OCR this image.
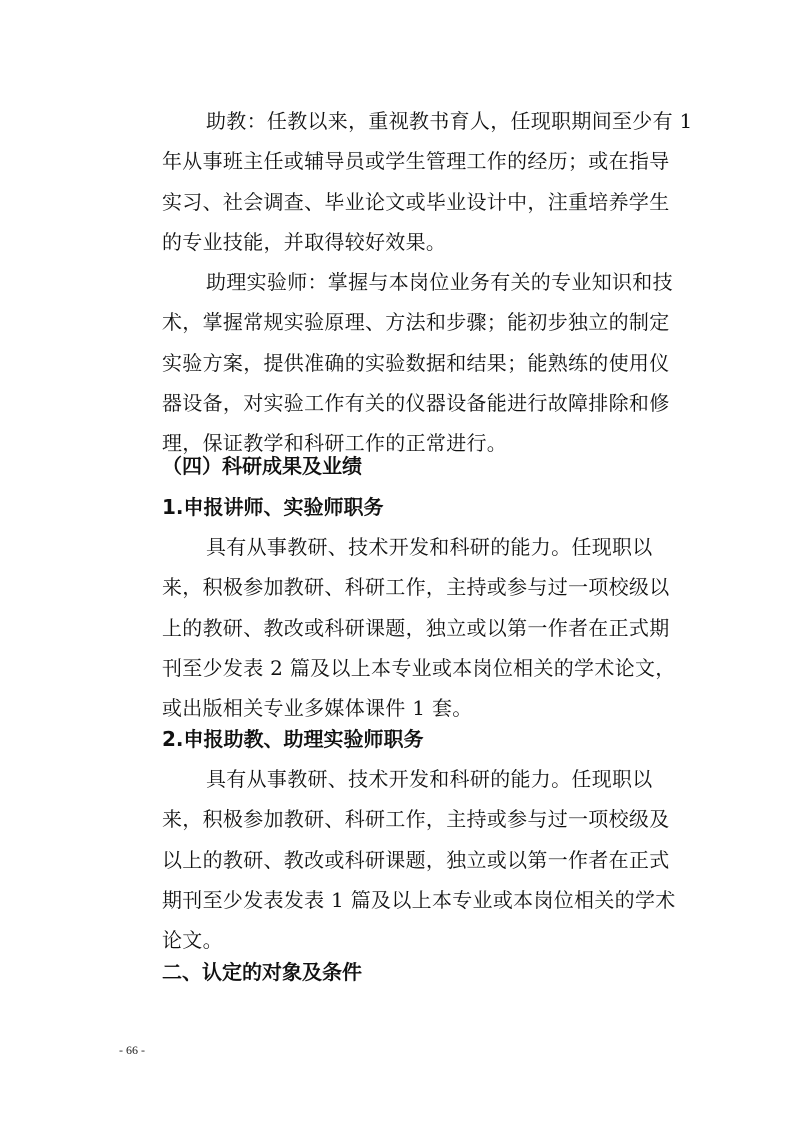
助教：任教以来，重视教书育人，任现职期间至少有 1
年从事班主任或辅导员或学生管理工作的经历；或在指导
实习、社会调查、毕业论文或毕业设计中，注重培养学生
的专业技能，并取得较好效果。
助理实验师：掌握与本岗位业务有关的专业知识和技
术，掌握常规实验原理、方法和步骤；能初步独立的制定
实验方案，提供准确的实验数据和结果；能熟练的使用仪
器设备，对实验工作有关的仪器设备能进行故障排除和修
理，保证教学和科研工作的正常进行。
（四）科研成果及业绩
1.申报讲师、实验师职务
具有从事教研、技术开发和科研的能力。任现职以
来，积极参加教研、科研工作，主持或参与过一项校级以
上的教研、教改或科研课题，独立或以第一作者在正式期
刊至少发表 2 篇及以上本专业或本岗位相关的学术论文，
或出版相关专业多媒体课件 1 套。
2.申报助教、助理实验师职务
具有从事教研、技术开发和科研的能力。任现职以
来，积极参加教研、科研工作，主持或参与过一项校级及
以上的教研、教改或科研课题，独立或以第一作者在正式
期刊至少发表发表 1 篇及以上本专业或本岗位相关的学术
论文。
二、认定的对象及条件
- 66 -
